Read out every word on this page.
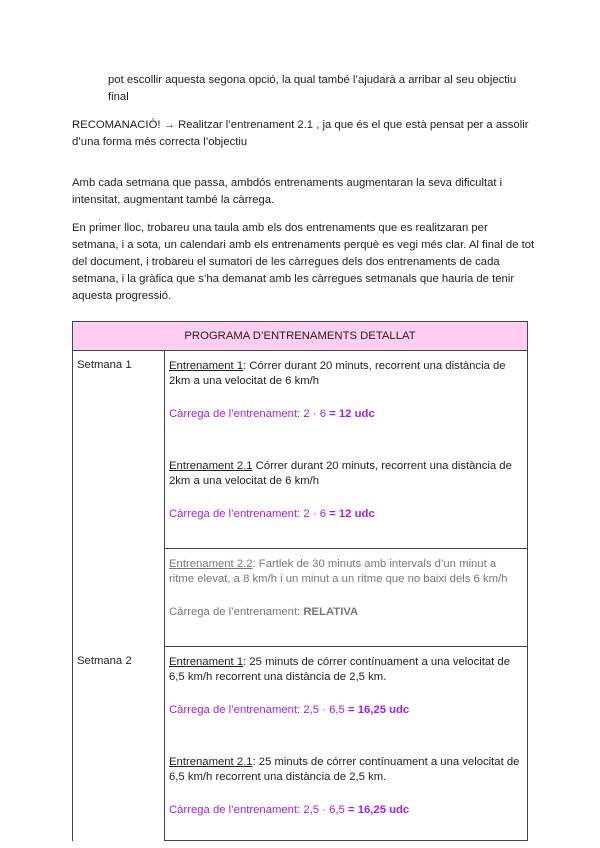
pot escollir aquesta segona opció, la qual també l’ajudarà a arribar al seu objectiu

final

RECOMANACIÓ! → Realitzar l’entrenament 2.1 , ja que és el que està pensat per a assolir

d’una forma més correcta l’objectiu

Amb cada setmana que passa, ambdós entrenaments augmentaran la seva dificultat i

intensitat, augmentant també la càrrega.

En primer lloc, trobareu una taula amb els dos entrenaments que es realitzaran per

setmana, i a sota, un calendari amb els entrenaments perquè es vegi més clar. Al final de tot

del document, i trobareu el sumatori de les càrregues dels dos entrenaments de cada

setmana, i la gràfica que s’ha demanat amb les càrregues setmanals que hauria de tenir

aquesta progressió.

PROGRAMA D’ENTRENAMENTS DETALLAT	
Setmana 1	Entrenament 1: Córrer durant 20 minuts, recorrent una distància de 2km a una velocitat de 6 km/h

Càrrega de l’entrenament: 2 · 6 = 12 udc

Entrenament 2.1 Córrer durant 20 minuts, recorrent una distància de 2km a una velocitat de 6 km/h

Càrrega de l’entrenament: 2 · 6 = 12 udc

	Entrenament 2.2: Fartlek de 30 minuts amb intervals d’un minut a ritme elevat, a 8 km/h i un minut a un ritme que no baixi dels 6 km/h

Càrrega de l’entrenament: RELATIVA

Setmana 2	Entrenament 1: 25 minuts de córrer contínuament a una velocitat de 6,5 km/h recorrent una distància de 2,5 km.

Càrrega de l’entrenament: 2,5 · 6,5 = 16,25 udc

Entrenament 2.1: 25 minuts de córrer contínuament a una velocitat de 6,5 km/h recorrent una distància de 2,5 km.

Càrrega de l’entrenament: 2,5 · 6,5 = 16,25 udc
